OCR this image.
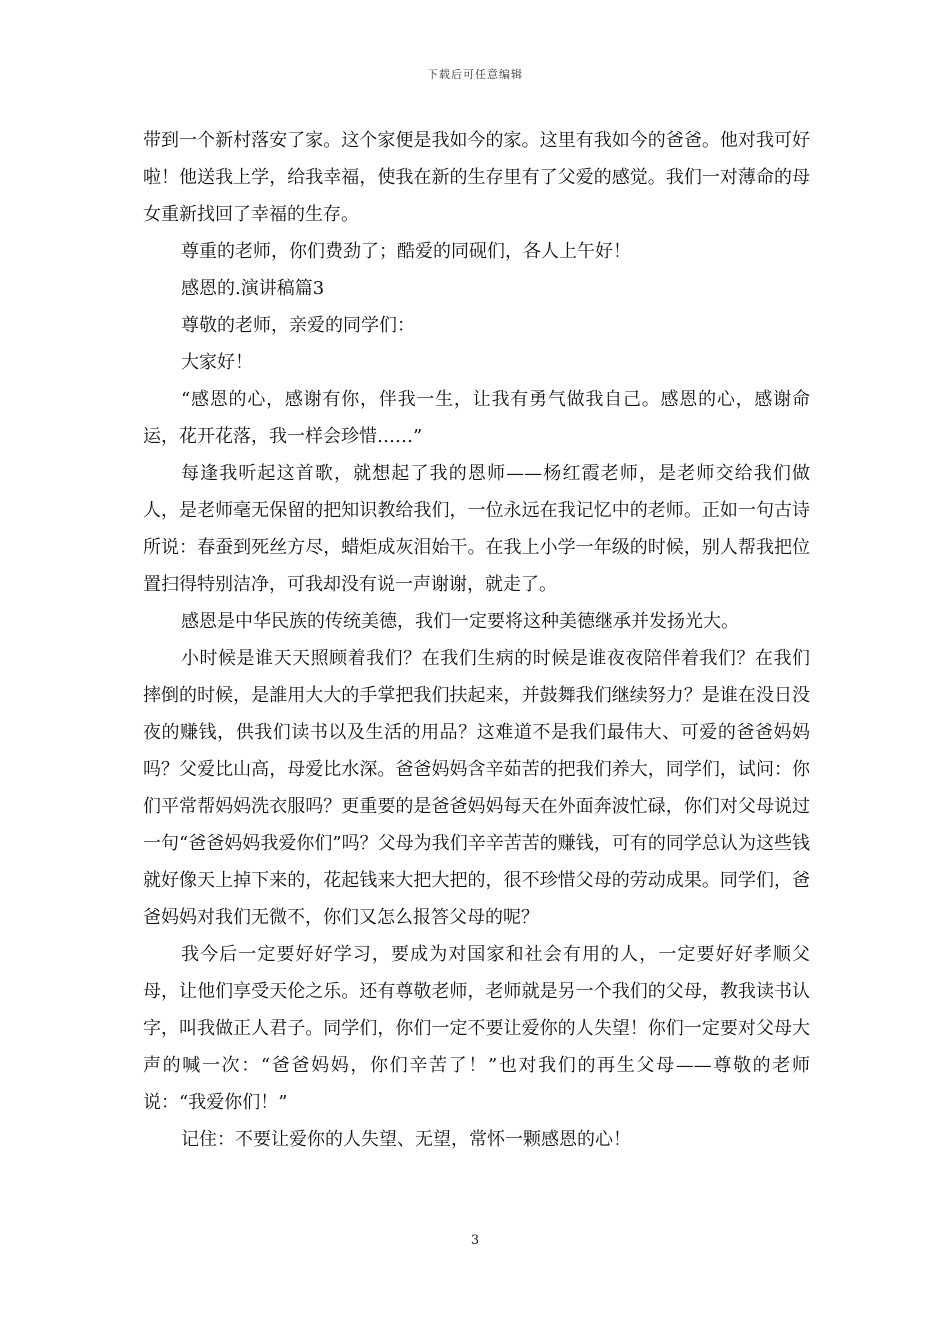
下载后可任意编辑

带到一个新村落安了家。这个家便是我如今的家。这里有我如今的爸爸。他对我可好啦！他送我上学，给我幸福，使我在新的生存里有了父爱的感觉。我们一对薄命的母女重新找回了幸福的生存。

尊重的老师，你们费劲了；酷爱的同砚们，各人上午好！

感恩的.演讲稿篇3

尊敬的老师，亲爱的同学们：

大家好！

“感恩的心，感谢有你，伴我一生，让我有勇气做我自己。感恩的心，感谢命运，花开花落，我一样会珍惜……”

每逢我听起这首歌，就想起了我的恩师——杨红霞老师，是老师交给我们做人，是老师毫无保留的把知识教给我们，一位永远在我记忆中的老师。正如一句古诗所说：春蚕到死丝方尽，蜡炬成灰泪始干。在我上小学一年级的时候，别人帮我把位置扫得特别洁净，可我却没有说一声谢谢，就走了。

感恩是中华民族的传统美德，我们一定要将这种美德继承并发扬光大。

小时候是谁天天照顾着我们？在我们生病的时候是谁夜夜陪伴着我们？在我们摔倒的时候，是誰用大大的手掌把我们扶起来，并鼓舞我们继续努力？是谁在没日没夜的赚钱，供我们读书以及生活的用品？这难道不是我们最伟大、可爱的爸爸妈妈吗？父爱比山高，母爱比水深。爸爸妈妈含辛茹苦的把我们养大，同学们，试问：你们平常帮妈妈洗衣服吗？更重要的是爸爸妈妈每天在外面奔波忙碌，你们对父母说过一句“爸爸妈妈我爱你们”吗？父母为我们辛辛苦苦的赚钱，可有的同学总认为这些钱就好像天上掉下来的，花起钱来大把大把的，很不珍惜父母的劳动成果。同学们，爸爸妈妈对我们无微不，你们又怎么报答父母的呢？

我今后一定要好好学习，要成为对国家和社会有用的人，一定要好好孝顺父母，让他们享受天伦之乐。还有尊敬老师，老师就是另一个我们的父母，教我读书认字，叫我做正人君子。同学们，你们一定不要让爱你的人失望！你们一定要对父母大声的喊一次：“爸爸妈妈，你们辛苦了！”也对我们的再生父母——尊敬的老师说：“我爱你们！”

记住：不要让爱你的人失望、无望，常怀一颗感恩的心！

3
